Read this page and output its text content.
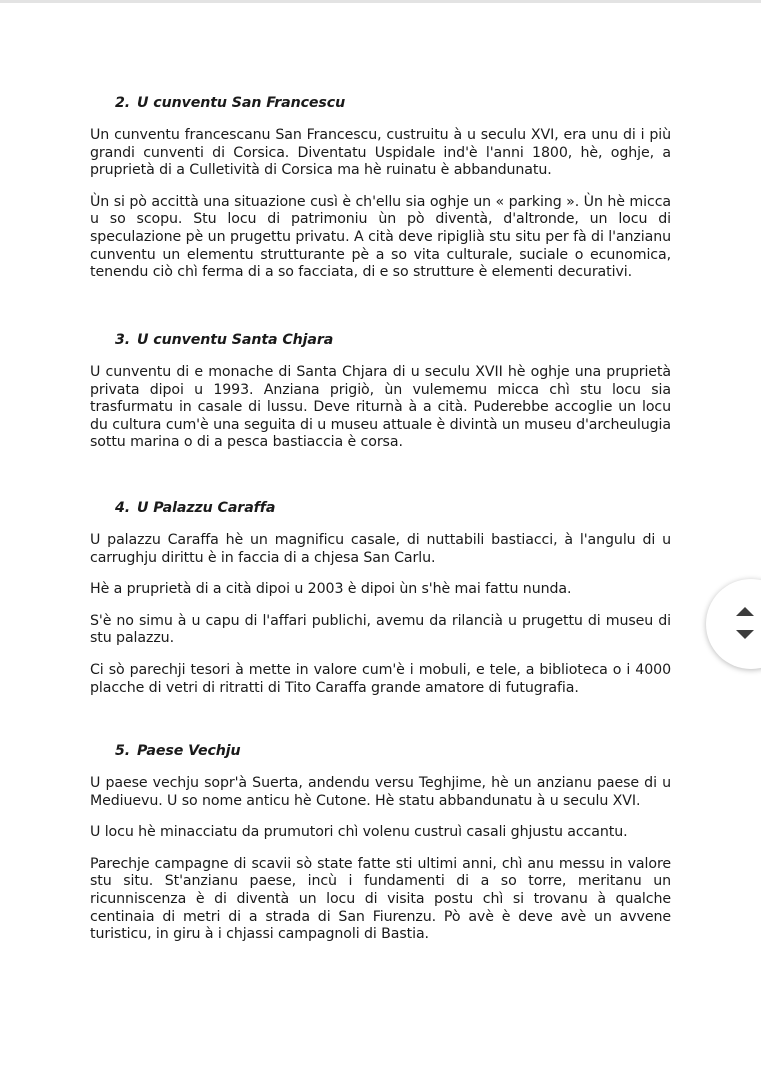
2. U cunventu San Francescu

Un cunventu francescanu San Francescu, custruitu à u seculu XVI, era unu di i più grandi cunventi di Corsica. Diventatu Uspidale ind'è l'anni 1800, hè, oghje, a pruprietà di a Culletività di Corsica ma hè ruinatu è abbandunatu.

Ùn si pò accittà una situazione cusì è ch'ellu sia oghje un « parking ». Ùn hè micca u so scopu. Stu locu di patrimoniu ùn pò diventà, d'altronde, un locu di speculazione pè un prugettu privatu. A cità deve ripiglià stu situ per fà di l'anzianu cunventu un elementu strutturante pè a so vita culturale, suciale o ecunomica, tenendu ciò chì ferma di a so facciata, di e so strutture è elementi decurativi.

3. U cunventu Santa Chjara

U cunventu di e monache di Santa Chjara di u seculu XVII hè oghje una pruprietà privata dipoi u 1993. Anziana prigiò, ùn vulememu micca chì stu locu sia trasfurmatu in casale di lussu. Deve riturnà à a cità. Puderebbe accoglie un locu du cultura cum'è una seguita di u museu attuale è divintà un museu d'archeulugia sottu marina o di a pesca bastiaccia è corsa.

4. U Palazzu Caraffa

U palazzu Caraffa hè un magnificu casale, di nuttabili bastiacci, à l'angulu di u carrughju dirittu è in faccia di a chjesa San Carlu.

Hè a pruprietà di a cità dipoi u 2003 è dipoi ùn s'hè mai fattu nunda.

S'è no simu à u capu di l'affari publichi, avemu da rilancià u prugettu di museu di stu palazzu.

Ci sò parechji tesori à mette in valore cum'è i mobuli, e tele, a biblioteca o i 4000 placche di vetri di ritratti di Tito Caraffa grande amatore di futugrafia.

5. Paese Vechju

U paese vechju sopr'à Suerta, andendu versu Teghjime, hè un anzianu paese di u Mediuevu. U so nome anticu hè Cutone. Hè statu abbandunatu à u seculu XVI.

U locu hè minacciatu da prumutori chì volenu custruì casali ghjustu accantu.

Parechje campagne di scavii sò state fatte sti ultimi anni, chì anu messu in valore stu situ. St'anzianu paese, incù i fundamenti di a so torre, meritanu un ricunniscenza è di diventà un locu di visita postu chì si trovanu à qualche centinaia di metri di a strada di San Fiurenzu. Pò avè è deve avè un avvene turisticu, in giru à i chjassi campagnoli di Bastia.
